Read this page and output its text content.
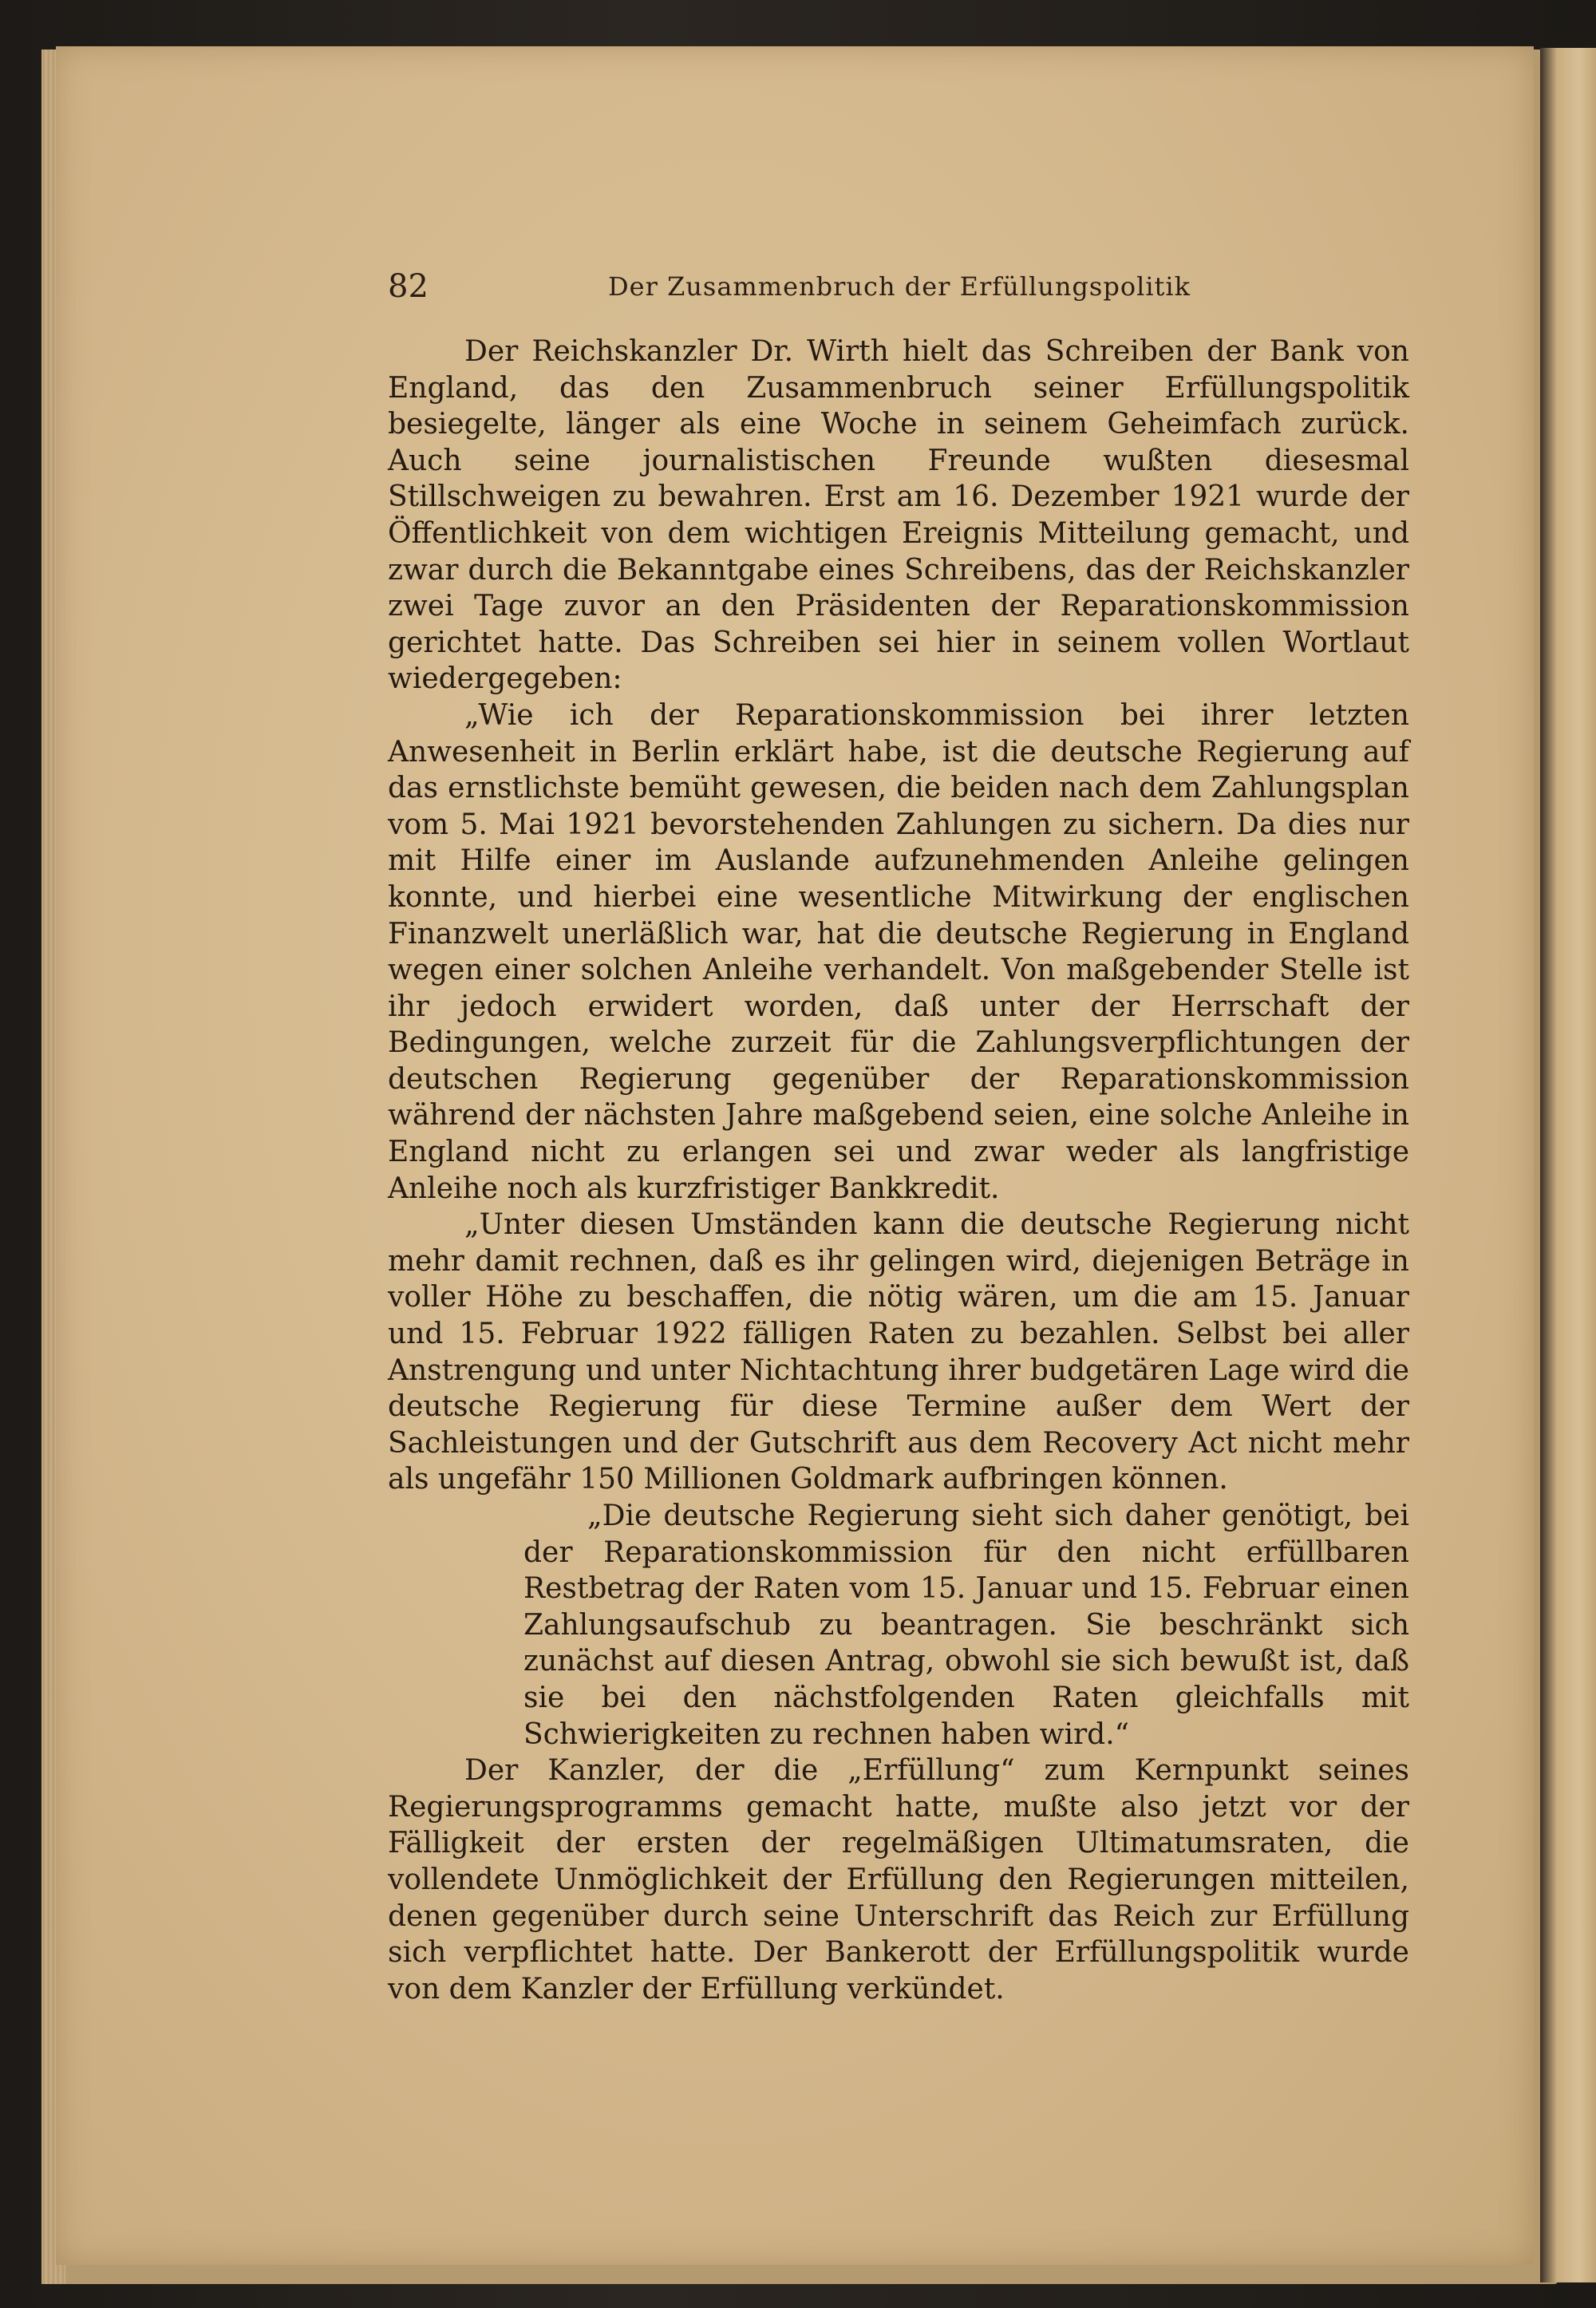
82	Der Zusammenbruch der Erfüllungspolitik

Der Reichskanzler Dr. Wirth hielt das Schreiben der Bank von England, das den Zusammenbruch seiner Erfüllungspolitik besiegelte, länger als eine Woche in seinem Geheimfach zurück. Auch seine journalistischen Freunde wußten diesesmal Stillschweigen zu bewahren. Erst am 16. Dezember 1921 wurde der Öffentlichkeit von dem wichtigen Ereignis Mitteilung gemacht, und zwar durch die Bekanntgabe eines Schreibens, das der Reichskanzler zwei Tage zuvor an den Präsidenten der Reparationskommission gerichtet hatte. Das Schreiben sei hier in seinem vollen Wortlaut wiedergegeben:

„Wie ich der Reparationskommission bei ihrer letzten Anwesenheit in Berlin erklärt habe, ist die deutsche Regierung auf das ernstlichste bemüht gewesen, die beiden nach dem Zahlungsplan vom 5. Mai 1921 bevorstehenden Zahlungen zu sichern. Da dies nur mit Hilfe einer im Auslande aufzunehmenden Anleihe gelingen konnte, und hierbei eine wesentliche Mitwirkung der englischen Finanzwelt unerläßlich war, hat die deutsche Regierung in England wegen einer solchen Anleihe verhandelt. Von maßgebender Stelle ist ihr jedoch erwidert worden, daß unter der Herrschaft der Bedingungen, welche zurzeit für die Zahlungsverpflichtungen der deutschen Regierung gegenüber der Reparationskommission während der nächsten Jahre maßgebend seien, eine solche Anleihe in England nicht zu erlangen sei und zwar weder als langfristige Anleihe noch als kurzfristiger Bankkredit.

„Unter diesen Umständen kann die deutsche Regierung nicht mehr damit rechnen, daß es ihr gelingen wird, diejenigen Beträge in voller Höhe zu beschaffen, die nötig wären, um die am 15. Januar und 15. Februar 1922 fälligen Raten zu bezahlen. Selbst bei aller Anstrengung und unter Nichtachtung ihrer budgetären Lage wird die deutsche Regierung für diese Termine außer dem Wert der Sachleistungen und der Gutschrift aus dem Recovery Act nicht mehr als ungefähr 150 Millionen Goldmark aufbringen können.

„Die deutsche Regierung sieht sich daher genötigt, bei der Reparationskommission für den nicht erfüllbaren Restbetrag der Raten vom 15. Januar und 15. Februar einen Zahlungsaufschub zu beantragen. Sie beschränkt sich zunächst auf diesen Antrag, obwohl sie sich bewußt ist, daß sie bei den nächstfolgenden Raten gleichfalls mit Schwierigkeiten zu rechnen haben wird.“

Der Kanzler, der die „Erfüllung“ zum Kernpunkt seines Regierungsprogramms gemacht hatte, mußte also jetzt vor der Fälligkeit der ersten der regelmäßigen Ultimatumsraten, die vollendete Unmöglichkeit der Erfüllung den Regierungen mitteilen, denen gegenüber durch seine Unterschrift das Reich zur Erfüllung sich verpflichtet hatte. Der Bankerott der Erfüllungspolitik wurde von dem Kanzler der Erfüllung verkündet.
